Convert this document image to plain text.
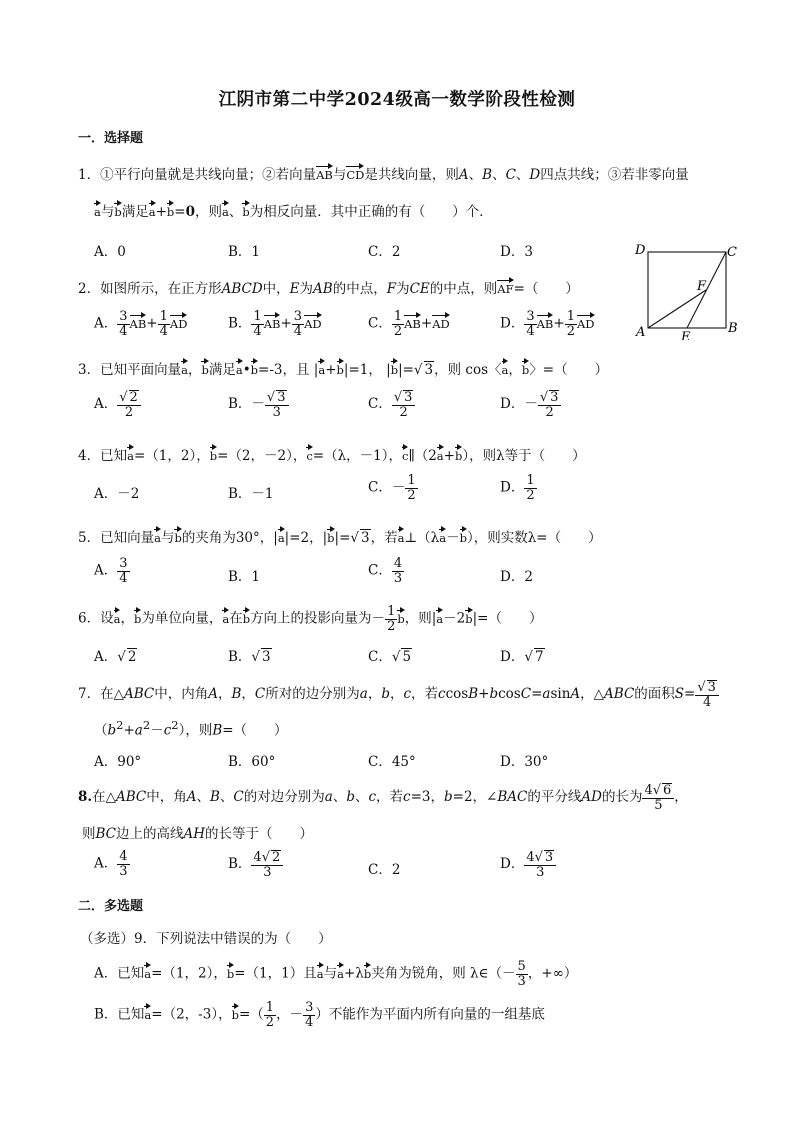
江阴市第二中学2024级高一数学阶段性检测
一．选择题
1．①平行向量就是共线向量；②若向量AB与CD是共线向量，则A、B、C、D四点共线；③若非零向量
a与b满足a+b=0，则a、b为相反向量．其中正确的有（　　）个．
A．0	B．1	C．2	D．3	D	C
A	B
E
F
2．如图所示，在正方形ABCD中，E为AB的中点，F为CE的中点，则AF=（　　）
A． $\frac{3}{4} AB+ \frac{1}{4}$ AD	B． $\frac{1}{4} AB+ \frac{3}{4}$ AD	C． $\frac{1}{2} AB+AD$	D． $\frac{3}{4} AB+ \frac{1}{2}$ AD
3．已知平面向量a，b满足a•b=-3，且 |a+b|=1， |b|=√ 3，则 cos〈a，b〉=（　　）
A． $\frac{√ 2}{2}$	B．－ $\frac{√ 3}{3}$	C． $\frac{√ 3}{2}$	D．－ $\frac{√ 3}{2}$
4．已知a=（1，2），b=（2，－2），c=（λ，－1），c∥（2a+b），则λ等于（　　）
A．－2	B．－1	C．－ $\frac{1}{2}$	D． $\frac{1}{2}$
5．已知向量a与b的夹角为30°，|a|=2，|b|=√ 3，若a⊥（λa－b），则实数λ=（　　）
A． $\frac{3}{4}$	B．1	C． $\frac{4}{3}$	D．2
6．设a，b为单位向量，a在b方向上的投影向量为－ $\frac{1}{2}$ b，则|a－2b|=（　　）
A．√ 2	B．√ 3	C．√ 5	D．√ 7
7．在△ABC中，内角A，B，C所对的边分别为a，b，c，若ccosB+bcosC=asinA，△ABC的面积$S= \frac{√ 3}{4}$
$(b^2+a^2-c^2)$，则B=（　　）
A．90°	B．60°	C．45°	D．30°
8.在△ABC中，角A、B、C的对边分别为a、b、c，若c=3，b=2，∠BAC的平分线AD的长为 $\frac{4√ 6}{5}$ ，
则BC边上的高线AH的长等于（　　）
A． $\frac{4}{3}$	B． $\frac{4√ 2}{3}$	C．2	D． $\frac{4√ 3}{3}$
二．多选题
（多选）9．下列说法中错误的为（　　）
A．已知a=（1，2），b=（1，1）且a与a+λb夹角为锐角，则 λ∈（－ $\frac{5}{3}$ ，+∞）
B．已知a=（2，-3），$b=( \frac{1}{2}$ ，－ $\frac{3}{4}$ ）不能作为平面内所有向量的一组基底
